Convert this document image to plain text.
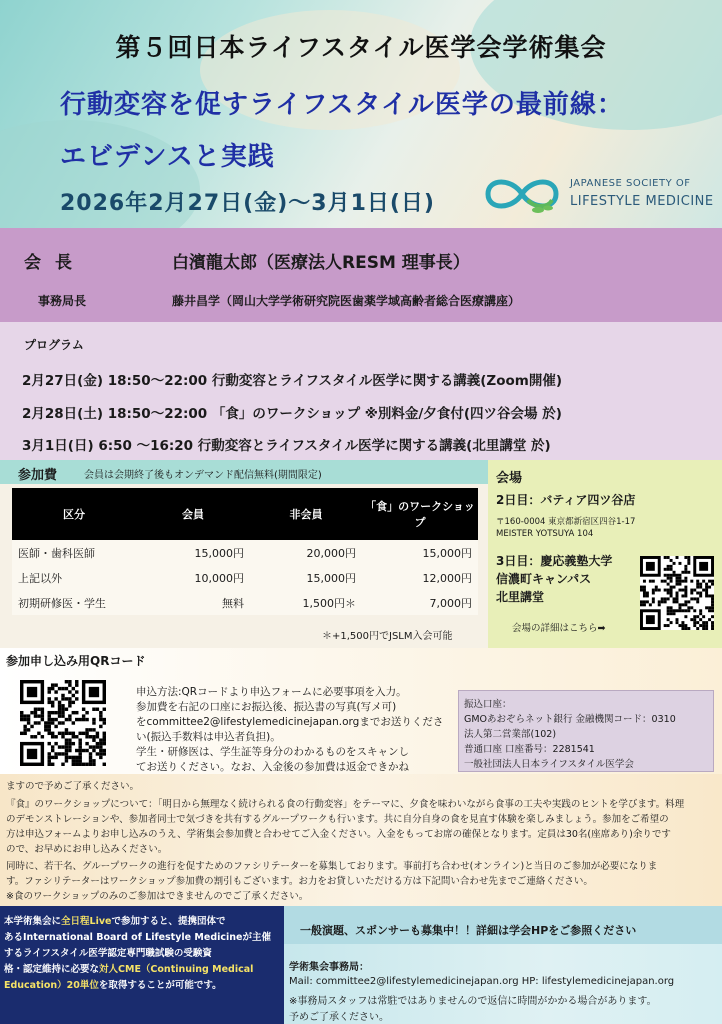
第５回日本ライフスタイル医学会学術集会
行動変容を促すライフスタイル医学の最前線：
エビデンスと実践
2026年2月27日(金)〜3月1日(日)
JAPANESE SOCIETY OF
LIFESTYLE MEDICINE
会長	白濱龍太郎（医療法人RESM 理事長）
事務局長	藤井昌学（岡山大学学術研究院医歯薬学域高齢者総合医療講座）
プログラム
2月27日(金) 18:50〜22:00 行動変容とライフスタイル医学に関する講義(Zoom開催)
2月28日(土) 18:50〜22:00 「食」のワークショップ ※別料金/夕食付(四ツ谷会場 於)
3月1日(日) 6:50 〜16:20 行動変容とライフスタイル医学に関する講義(北里講堂 於)
参加費	会員は会期終了後もオンデマンド配信無料(期間限定)
区分	会員	非会員	「食」のワークショップ
医師・歯科医師	15,000円	20,000円	15,000円
上記以外	10,000円	15,000円	12,000円
初期研修医・学生	無料	1,500円＊	7,000円
＊+1,500円でJSLM入会可能
会場
2日目：バティア四ツ谷店
〒160-0004 東京都新宿区四谷1-17
MEISTER YOTSUYA 104
3日目：慶応義塾大学
信濃町キャンパス
北里講堂
会場の詳細はこちら➡
参加申し込み用QRコード
申込方法:QRコードより申込フォームに必要事項を入力。
参加費を右記の口座にお振込後、振込書の写真(写メ可)
をcommittee2@lifestylemedicinejapan.orgまでお送りくださ
い(振込手数料は申込者負担)。
学生・研修医は、学生証等身分のわかるものをスキャンし
てお送りください。なお、入金後の参加費は返金できかね
振込口座：
GMOあおぞらネット銀行 金融機関コード：0310
法人第二営業部(102)
普通口座 口座番号：2281541
一般社団法人日本ライフスタイル医学会
ますので予めご了承ください。
『食』のワークショップについて：「明日から無理なく続けられる食の行動変容」をテーマに、夕食を味わいながら食事の工夫や実践のヒントを学びます。料理
のデモンストレーションや、参加者同士で気づきを共有するグループワークも行います。共に自分自身の食を見直す体験を楽しみましょう。参加をご希望の
方は申込フォームよりお申し込みのうえ、学術集会参加費と合わせてご入金ください。入金をもってお席の確保となります。定員は30名(座席あり)余りです
ので、お早めにお申し込みください。
同時に、若干名、グループワークの進行を促すためのファシリテーターを募集しております。事前打ち合わせ(オンライン)と当日のご参加が必要になりま
す。ファシリテーターはワークショップ参加費の割引もございます。お力をお貸しいただける方は下記問い合わせ先までご連絡ください。
※食のワークショップのみのご参加はできませんのでご了承ください。
本学術集会に全日程Liveで参加すると、提携団体で
あるInternational Board of Lifestyle Medicineが主催
するライフスタイル医学認定専門職試験の受験資
格・認定維持に必要な対人CME（Continuing Medical
Education）20単位を取得することが可能です。
一般演題、スポンサーも募集中！！詳細は学会HPをご参照ください
学術集会事務局：
Mail: committee2@lifestylemedicinejapan.org HP: lifestylemedicinejapan.org
※事務局スタッフは常駐ではありませんので返信に時間がかかる場合があります。
予めご了承ください。
